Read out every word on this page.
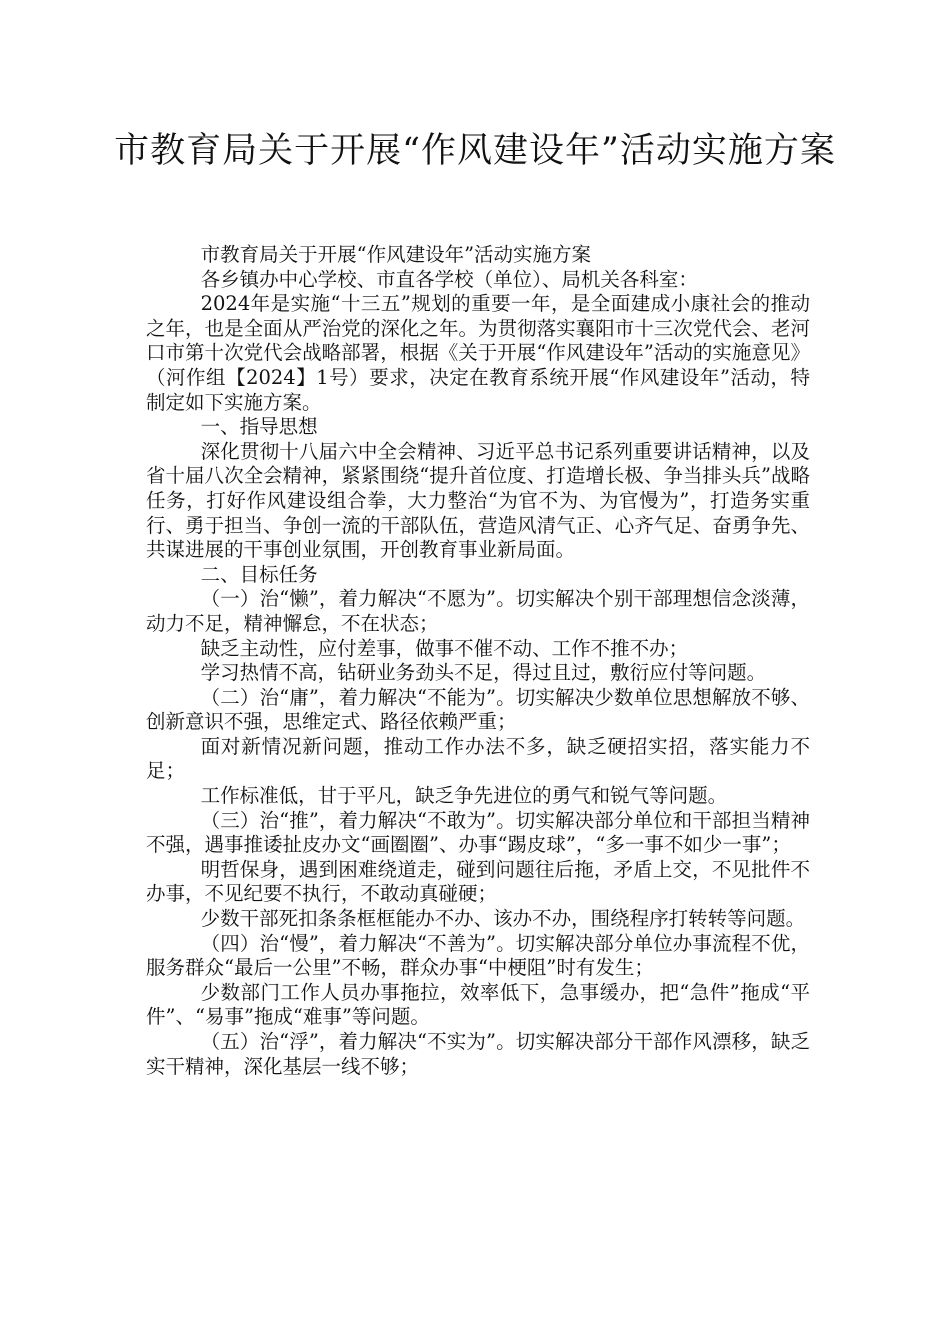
市教育局关于开展“作风建设年”活动实施方案

市教育局关于开展“作风建设年”活动实施方案

各乡镇办中心学校、市直各学校（单位）、局机关各科室：

2024年是实施“十三五”规划的重要一年，是全面建成小康社会的推动之年，也是全面从严治党的深化之年。为贯彻落实襄阳市十三次党代会、老河口市第十次党代会战略部署，根据《关于开展“作风建设年”活动的实施意见》（河作组【2024】1号）要求，决定在教育系统开展“作风建设年”活动，特制定如下实施方案。

一、指导思想

深化贯彻十八届六中全会精神、习近平总书记系列重要讲话精神，以及省十届八次全会精神，紧紧围绕“提升首位度、打造增长极、争当排头兵”战略任务，打好作风建设组合拳，大力整治“为官不为、为官慢为”，打造务实重行、勇于担当、争创一流的干部队伍，营造风清气正、心齐气足、奋勇争先、共谋进展的干事创业氛围，开创教育事业新局面。

二、目标任务

（一）治“懒”，着力解决“不愿为”。切实解决个别干部理想信念淡薄，动力不足，精神懈怠，不在状态；

缺乏主动性，应付差事，做事不催不动、工作不推不办；

学习热情不高，钻研业务劲头不足，得过且过，敷衍应付等问题。

（二）治“庸”，着力解决“不能为”。切实解决少数单位思想解放不够、创新意识不强，思维定式、路径依赖严重；

面对新情况新问题，推动工作办法不多，缺乏硬招实招，落实能力不足；

工作标准低，甘于平凡，缺乏争先进位的勇气和锐气等问题。

（三）治“推”，着力解决“不敢为”。切实解决部分单位和干部担当精神不强，遇事推诿扯皮办文“画圈圈”、办事“踢皮球”，“多一事不如少一事”；

明哲保身，遇到困难绕道走，碰到问题往后拖，矛盾上交，不见批件不办事，不见纪要不执行，不敢动真碰硬；

少数干部死扣条条框框能办不办、该办不办，围绕程序打转转等问题。

（四）治“慢”，着力解决“不善为”。切实解决部分单位办事流程不优，服务群众“最后一公里”不畅，群众办事“中梗阻”时有发生；

少数部门工作人员办事拖拉，效率低下，急事缓办，把“急件”拖成“平件”、“易事”拖成“难事”等问题。

（五）治“浮”，着力解决“不实为”。切实解决部分干部作风漂移，缺乏实干精神，深化基层一线不够；
